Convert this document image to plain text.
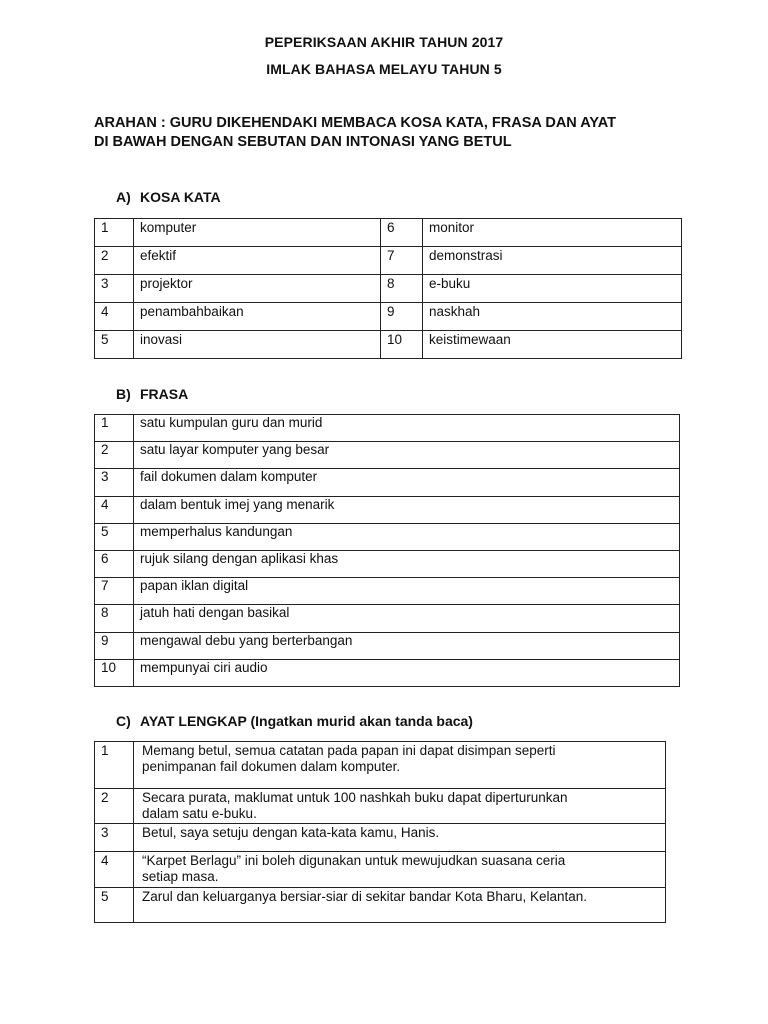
PEPERIKSAAN AKHIR TAHUN 2017
IMLAK BAHASA MELAYU TAHUN 5
ARAHAN : GURU DIKEHENDAKI MEMBACA KOSA KATA, FRASA DAN AYAT
DI BAWAH DENGAN SEBUTAN DAN INTONASI YANG BETUL
A) KOSA KATA
1	komputer	6	monitor
2	efektif	7	demonstrasi
3	projektor	8	e-buku
4	penambahbaikan	9	naskhah
5	inovasi	10	keistimewaan
B) FRASA
1	satu kumpulan guru dan murid
2	satu layar komputer yang besar
3	fail dokumen dalam komputer
4	dalam bentuk imej yang menarik
5	memperhalus kandungan
6	rujuk silang dengan aplikasi khas
7	papan iklan digital
8	jatuh hati dengan basikal
9	mengawal debu yang berterbangan
10	mempunyai ciri audio
C) AYAT LENGKAP (Ingatkan murid akan tanda baca)
1	Memang betul, semua catatan pada papan ini dapat disimpan seperti
penimpanan fail dokumen dalam komputer.

2	Secara purata, maklumat untuk 100 nashkah buku dapat diperturunkan
dalam satu e-buku.

3	Betul, saya setuju dengan kata-kata kamu, Hanis.

4	“Karpet Berlagu” ini boleh digunakan untuk mewujudkan suasana ceria
setiap masa.

5	Zarul dan keluarganya bersiar-siar di sekitar bandar Kota Bharu, Kelantan.
